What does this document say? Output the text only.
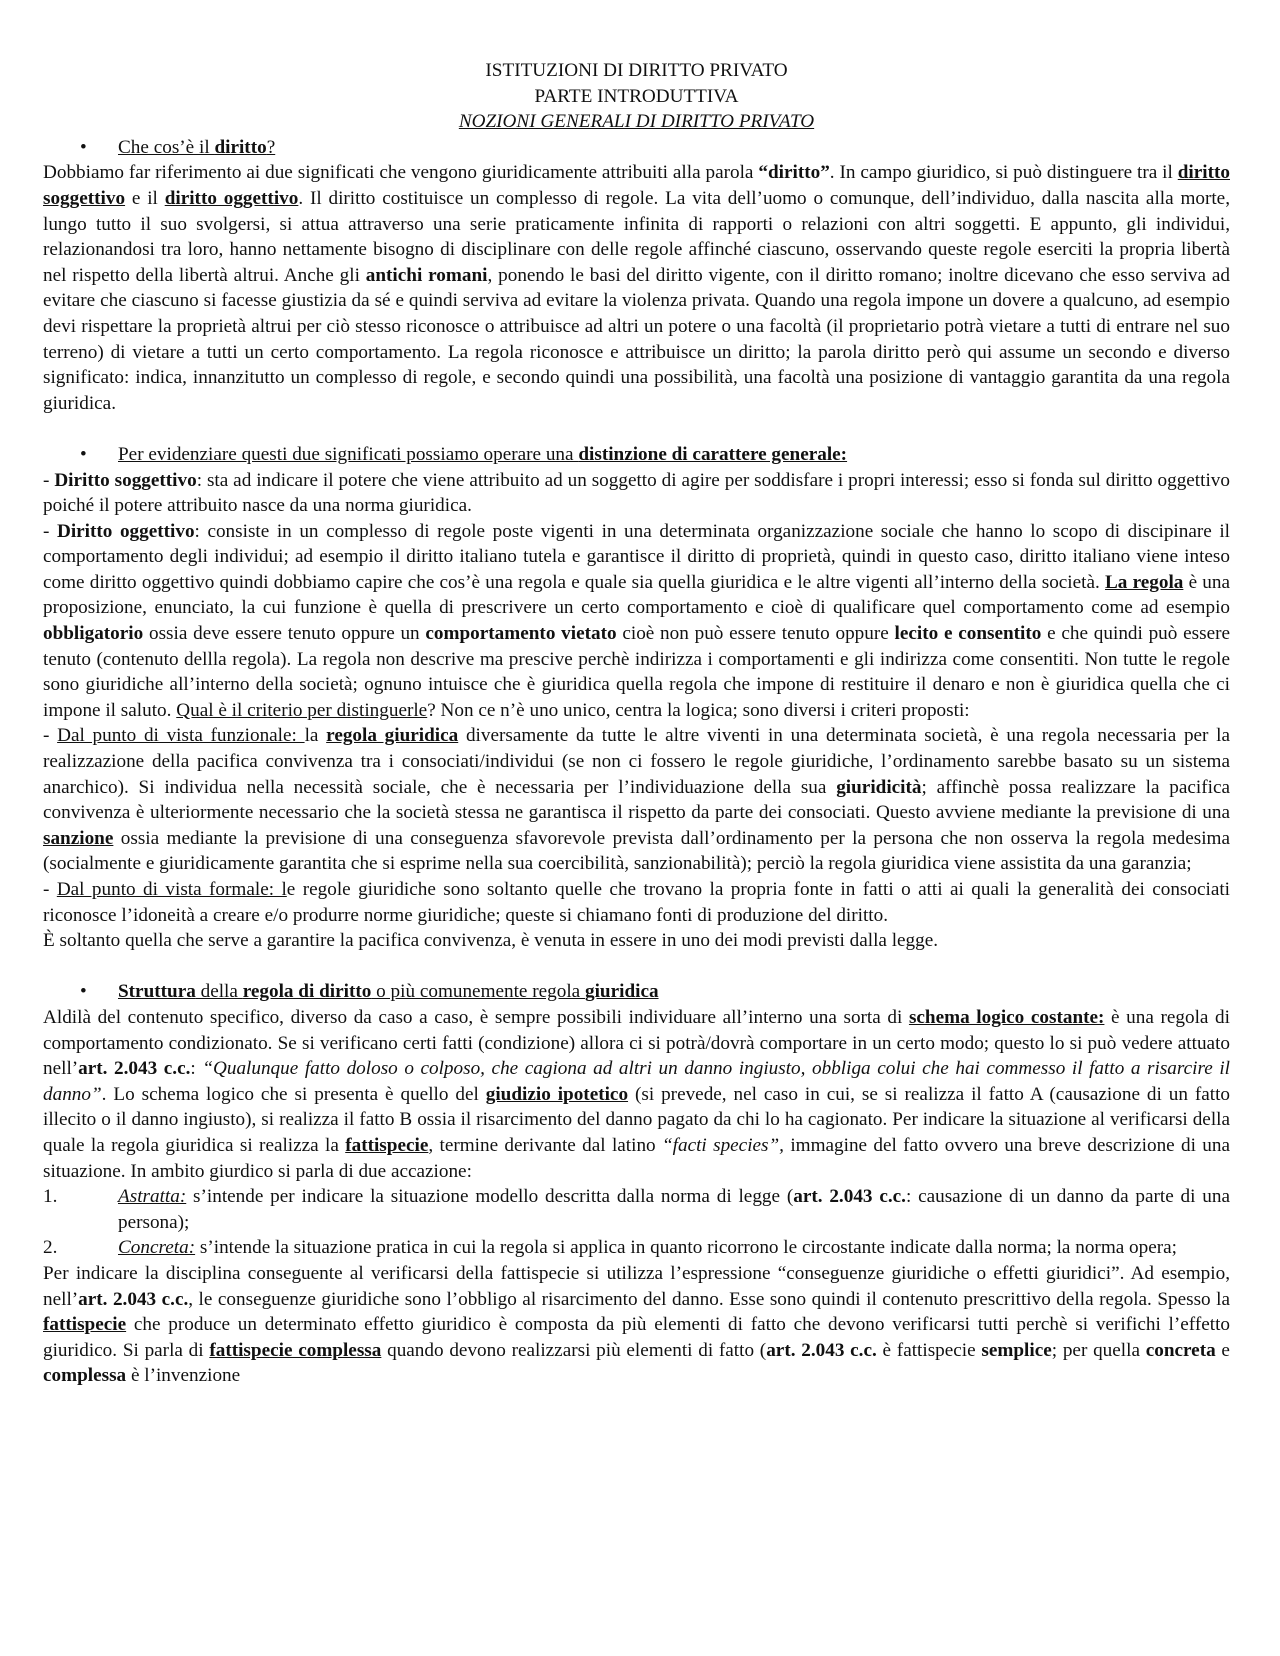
ISTITUZIONI DI DIRITTO PRIVATO
PARTE INTRODUTTIVA
NOZIONI GENERALI DI DIRITTO PRIVATO
•	Che cos’è il diritto?

Dobbiamo far riferimento ai due significati che vengono giuridicamente attribuiti alla parola “diritto”. In campo giuridico, si può distinguere tra il diritto soggettivo e il diritto oggettivo. Il diritto costituisce un complesso di regole. La vita dell’uomo o comunque, dell’individuo, dalla nascita alla morte, lungo tutto il suo svolgersi, si attua attraverso una serie praticamente infinita di rapporti o relazioni con altri soggetti. E appunto, gli individui, relazionandosi tra loro, hanno nettamente bisogno di disciplinare con delle regole affinché ciascuno, osservando queste regole eserciti la propria libertà nel rispetto della libertà altrui. Anche gli antichi romani, ponendo le basi del diritto vigente, con il diritto romano; inoltre dicevano che esso serviva ad evitare che ciascuno si facesse giustizia da sé e quindi serviva ad evitare la violenza privata. Quando una regola impone un dovere a qualcuno, ad esempio devi rispettare la proprietà altrui per ciò stesso riconosce o attribuisce ad altri un potere o una facoltà (il proprietario potrà vietare a tutti di entrare nel suo terreno) di vietare a tutti un certo comportamento. La regola riconosce e attribuisce un diritto; la parola diritto però qui assume un secondo e diverso significato: indica, innanzitutto un complesso di regole, e secondo quindi una possibilità, una facoltà una posizione di vantaggio garantita da una regola giuridica.

•	Per evidenziare questi due significati possiamo operare una distinzione di carattere generale:

- Diritto soggettivo: sta ad indicare il potere che viene attribuito ad un soggetto di agire per soddisfare i propri interessi; esso si fonda sul diritto oggettivo poiché il potere attribuito nasce da una norma giuridica.

- Diritto oggettivo: consiste in un complesso di regole poste vigenti in una determinata organizzazione sociale che hanno lo scopo di discipinare il comportamento degli individui; ad esempio il diritto italiano tutela e garantisce il diritto di proprietà, quindi in questo caso, diritto italiano viene inteso come diritto oggettivo quindi dobbiamo capire che cos’è una regola e quale sia quella giuridica e le altre vigenti all’interno della società. La regola è una proposizione, enunciato, la cui funzione è quella di prescrivere un certo comportamento e cioè di qualificare quel comportamento come ad esempio obbligatorio ossia deve essere tenuto oppure un comportamento vietato cioè non può essere tenuto oppure lecito e consentito e che quindi può essere tenuto (contenuto dellla regola). La regola non descrive ma prescive perchè indirizza i comportamenti e gli indirizza come consentiti. Non tutte le regole sono giuridiche all’interno della società; ognuno intuisce che è giuridica quella regola che impone di restituire il denaro e non è giuridica quella che ci impone il saluto. Qual è il criterio per distinguerle? Non ce n’è uno unico, centra la logica; sono diversi i criteri proposti:

- Dal punto di vista funzionale: la regola giuridica diversamente da tutte le altre viventi in una determinata società, è una regola necessaria per la realizzazione della pacifica convivenza tra i consociati/individui (se non ci fossero le regole giuridiche, l’ordinamento sarebbe basato su un sistema anarchico). Si individua nella necessità sociale, che è necessaria per l’individuazione della sua giuridicità; affinchè possa realizzare la pacifica convivenza è ulteriormente necessario che la società stessa ne garantisca il rispetto da parte dei consociati. Questo avviene mediante la previsione di una sanzione ossia mediante la previsione di una conseguenza sfavorevole prevista dall’ordinamento per la persona che non osserva la regola medesima (socialmente e giuridicamente garantita che si esprime nella sua coercibilità, sanzionabilità); perciò la regola giuridica viene assistita da una garanzia;

- Dal punto di vista formale: le regole giuridiche sono soltanto quelle che trovano la propria fonte in fatti o atti ai quali la generalità dei consociati riconosce l’idoneità a creare e/o produrre norme giuridiche; queste si chiamano fonti di produzione del diritto.

È soltanto quella che serve a garantire la pacifica convivenza, è venuta in essere in uno dei modi previsti dalla legge.

•	Struttura della regola di diritto o più comunemente regola giuridica

Aldilà del contenuto specifico, diverso da caso a caso, è sempre possibili individuare all’interno una sorta di schema logico costante: è una regola di comportamento condizionato. Se si verificano certi fatti (condizione) allora ci si potrà/dovrà comportare in un certo modo; questo lo si può vedere attuato nell’art. 2.043 c.c.: “Qualunque fatto doloso o colposo, che cagiona ad altri un danno ingiusto, obbliga colui che hai commesso il fatto a risarcire il danno”. Lo schema logico che si presenta è quello del giudizio ipotetico (si prevede, nel caso in cui, se si realizza il fatto A (causazione di un fatto illecito o il danno ingiusto), si realizza il fatto B ossia il risarcimento del danno pagato da chi lo ha cagionato. Per indicare la situazione al verificarsi della quale la regola giuridica si realizza la fattispecie, termine derivante dal latino “facti species”, immagine del fatto ovvero una breve descrizione di una situazione. In ambito giurdico si parla di due accazione:

1.	Astratta: s’intende per indicare la situazione modello descritta dalla norma di legge (art. 2.043 c.c.: causazione di un danno da parte di una persona);
2.	Concreta: s’intende la situazione pratica in cui la regola si applica in quanto ricorrono le circostante indicate dalla norma; la norma opera;

Per indicare la disciplina conseguente al verificarsi della fattispecie si utilizza l’espressione “conseguenze giuridiche o effetti giuridici”. Ad esempio, nell’art. 2.043 c.c., le conseguenze giuridiche sono l’obbligo al risarcimento del danno. Esse sono quindi il contenuto prescrittivo della regola. Spesso la fattispecie che produce un determinato effetto giuridico è composta da più elementi di fatto che devono verificarsi tutti perchè si verifichi l’effetto giuridico. Si parla di fattispecie complessa quando devono realizzarsi più elementi di fatto (art. 2.043 c.c. è fattispecie semplice; per quella concreta e complessa è l’invenzione
